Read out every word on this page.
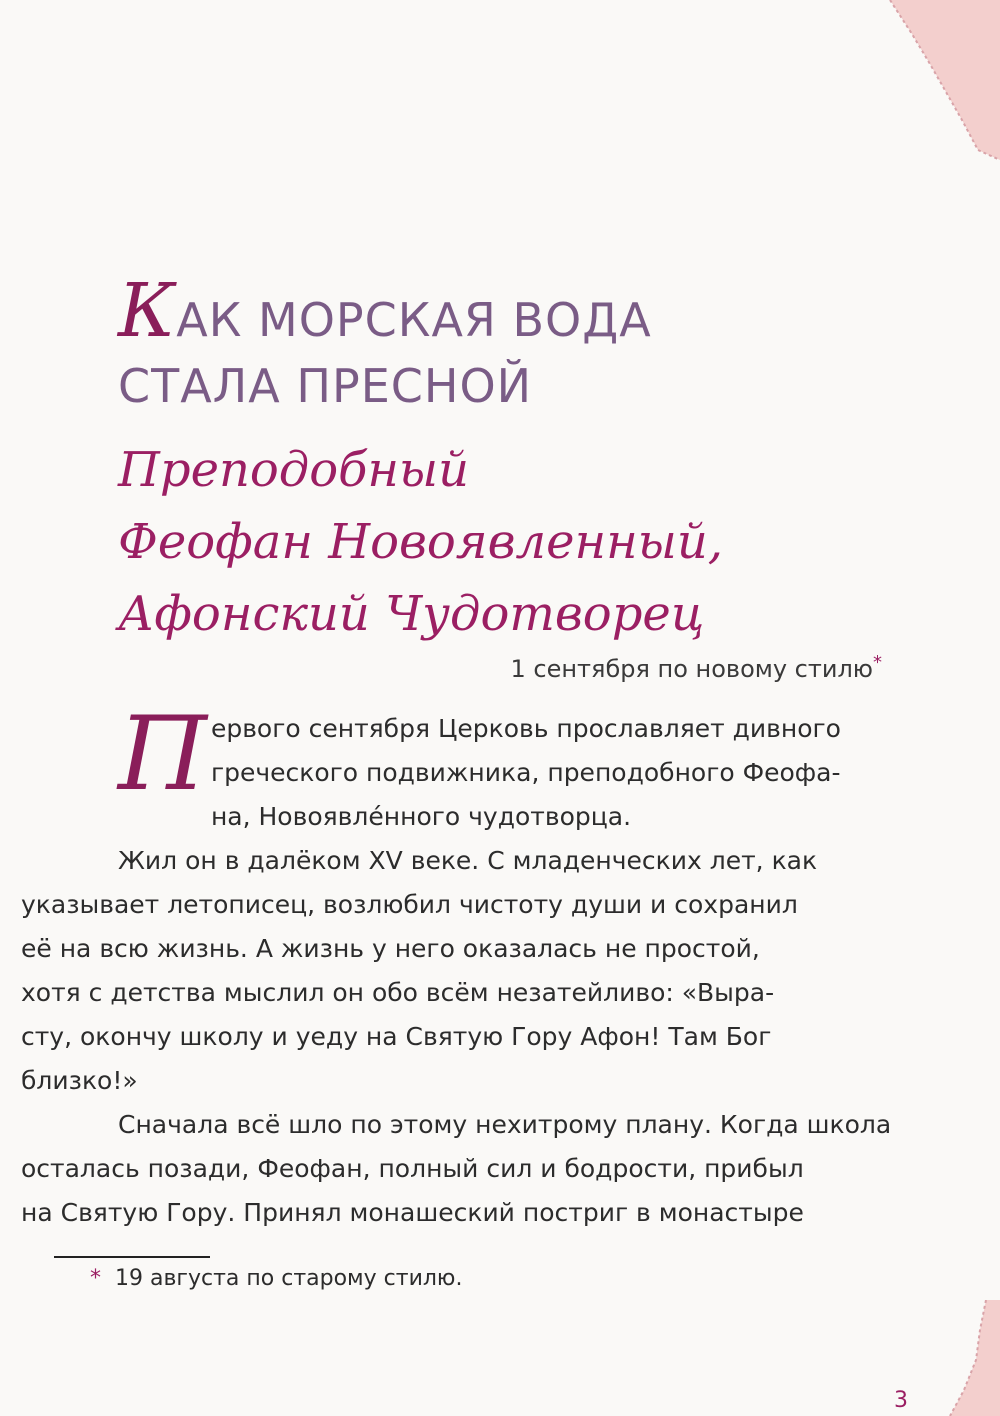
КАК МОРСКАЯ ВОДА
СТАЛА ПРЕСНОЙ
Преподобный
Феофан Новоявленный,
Афонский Чудотворец
1 сентября по новому стилю*

П ервого сентября Церковь прославляет дивного
греческого подвижника, преподобного Феофа-
на, Новоявле́нного чудотворца.

Жил он в далёком XV веке. С младенческих лет, как
указывает летописец, возлюбил чистоту души и сохранил
её на всю жизнь. А жизнь у него оказалась не простой,
хотя с детства мыслил он обо всём незатейливо: «Выра-
сту, окончу школу и уеду на Святую Гору Афон! Там Бог
близко!»

Сначала всё шло по этому нехитрому плану. Когда школа
осталась позади, Феофан, полный сил и бодрости, прибыл
на Святую Гору. Принял монашеский постриг в монастыре

* 19 августа по старому стилю.
3
